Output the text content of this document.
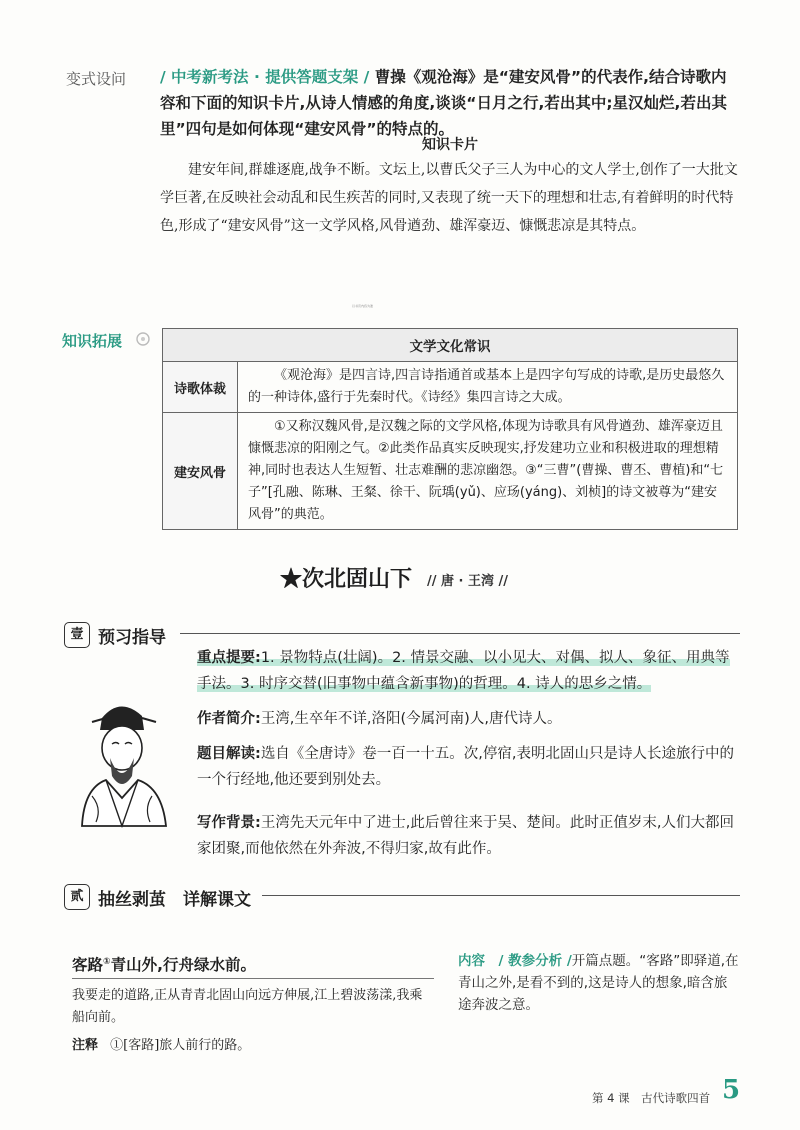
变式设问 / 中考新考法 · 提供答题支架 / 曹操《观沧海》是“建安风骨”的代表作,结合诗歌内容和下面的知识卡片,从诗人情感的角度,谈谈“日月之行,若出其中;星汉灿烂,若出其里”四句是如何体现“建安风骨”的特点的。
知识卡片
建安年间,群雄逐鹿,战争不断。文坛上,以曹氏父子三人为中心的文人学士,创作了一大批文学巨著,在反映社会动乱和民生疾苦的同时,又表现了统一天下的理想和壮志,有着鲜明的时代特色,形成了“建安风骨”这一文学风格,风骨遒劲、雄浑豪迈、慷慨悲凉是其特点。
以书页内容为准
知识拓展	文学文化常识	
诗歌体裁	《观沧海》是四言诗,四言诗指通首或基本上是四字句写成的诗歌,是历史最悠久的一种诗体,盛行于先秦时代。《诗经》集四言诗之大成。
建安风骨	①又称汉魏风骨,是汉魏之际的文学风格,体现为诗歌具有风骨遒劲、雄浑豪迈且慷慨悲凉的阳刚之气。②此类作品真实反映现实,抒发建功立业和积极进取的理想精神,同时也表达人生短暂、壮志难酬的悲凉幽怨。③“三曹”(曹操、曹丕、曹植)和“七子”[孔融、陈琳、王粲、徐干、阮瑀(yǔ)、应玚(yáng)、刘桢]的诗文被尊为“建安风骨”的典范。
★次北固山下 // 唐 · 王湾 //
壹 预习指导
重点提要:1. 景物特点(壮阔)。2. 情景交融、以小见大、对偶、拟人、象征、用典等手法。3. 时序交替(旧事物中蕴含新事物)的哲理。4. 诗人的思乡之情。
作者简介:王湾,生卒年不详,洛阳(今属河南)人,唐代诗人。
题目解读:选自《全唐诗》卷一百一十五。次,停宿,表明北固山只是诗人长途旅行中的一个行经地,他还要到别处去。
写作背景:王湾先天元年中了进士,此后曾往来于吴、楚间。此时正值岁末,人们大都回家团聚,而他依然在外奔波,不得归家,故有此作。
贰 抽丝剥茧　详解课文
客路①青山外,行舟绿水前。
我要走的道路,正从青青北固山向远方伸展,江上碧波荡漾,我乘船向前。
注释 ①[客路]旅人前行的路。
内容　/ 教参分析 /开篇点题。“客路”即驿道,在青山之外,是看不到的,这是诗人的想象,暗含旅途奔波之意。
第 4 课　古代诗歌四首 5
